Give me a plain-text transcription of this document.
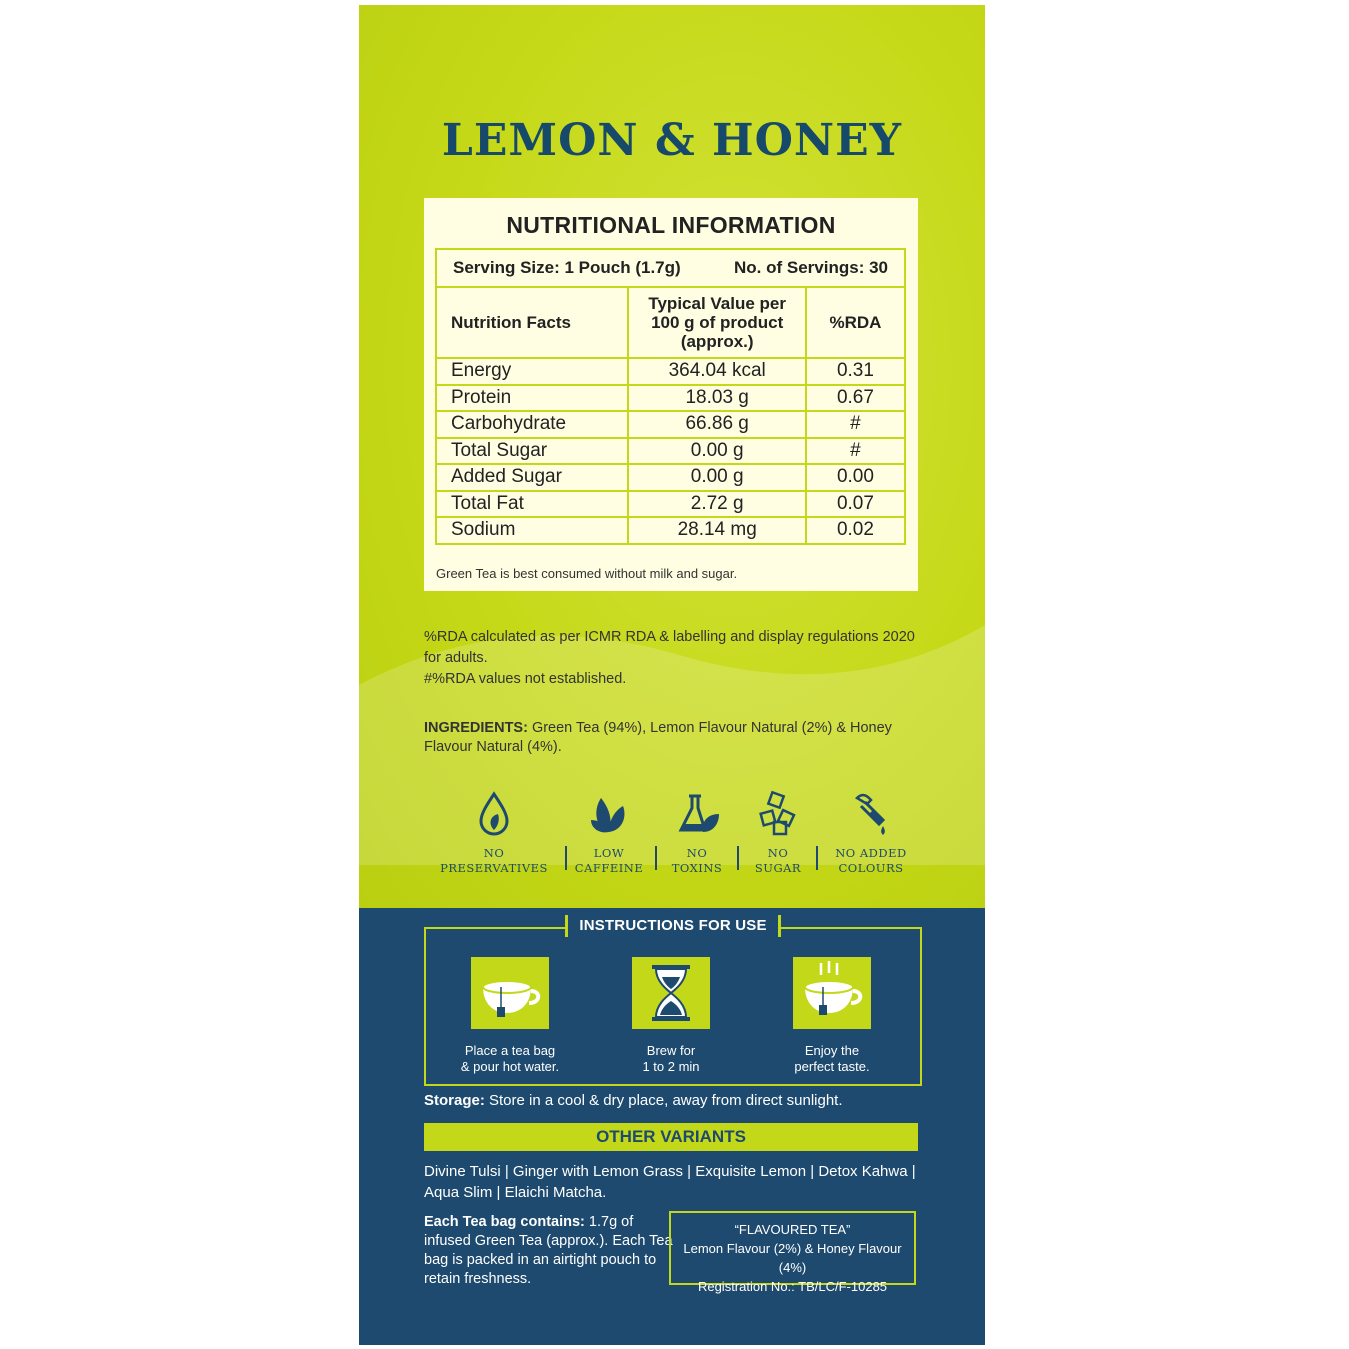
LEMON & HONEY
NUTRITIONAL INFORMATION
Serving Size: 1 Pouch (1.7g) No. of Servings: 30		

Nutrition Facts	Typical Value per 100 g of product (approx.)	%RDA
Energy	364.04 kcal	0.31
Protein	18.03 g	0.67
Carbohydrate	66.86 g	#
Total Sugar	0.00 g	#
Added Sugar	0.00 g	0.00
Total Fat	2.72 g	0.07
Sodium	28.14 mg	0.02
Green Tea is best consumed without milk and sugar.
%RDA calculated as per ICMR RDA & labelling and display regulations 2020 for adults.
#%RDA values not established.
INGREDIENTS: Green Tea (94%), Lemon Flavour Natural (2%) & Honey Flavour Natural (4%).
NO
PRESERVATIVES
LOW
CAFFEINE
NO
TOXINS
NO
SUGAR
NO ADDED
COLOURS
INSTRUCTIONS FOR USE
Place a tea bag
& pour hot water.
Brew for
1 to 2 min
Enjoy the
perfect taste.
Storage: Store in a cool & dry place, away from direct sunlight.
OTHER VARIANTS
Divine Tulsi | Ginger with Lemon Grass | Exquisite Lemon | Detox Kahwa | Aqua Slim | Elaichi Matcha.
Each Tea bag contains: 1.7g of infused Green Tea (approx.). Each Tea bag is packed in an airtight pouch to retain freshness.
“FLAVOURED TEA”
Lemon Flavour (2%) & Honey Flavour (4%)
Registration No.: TB/LC/F-10285
